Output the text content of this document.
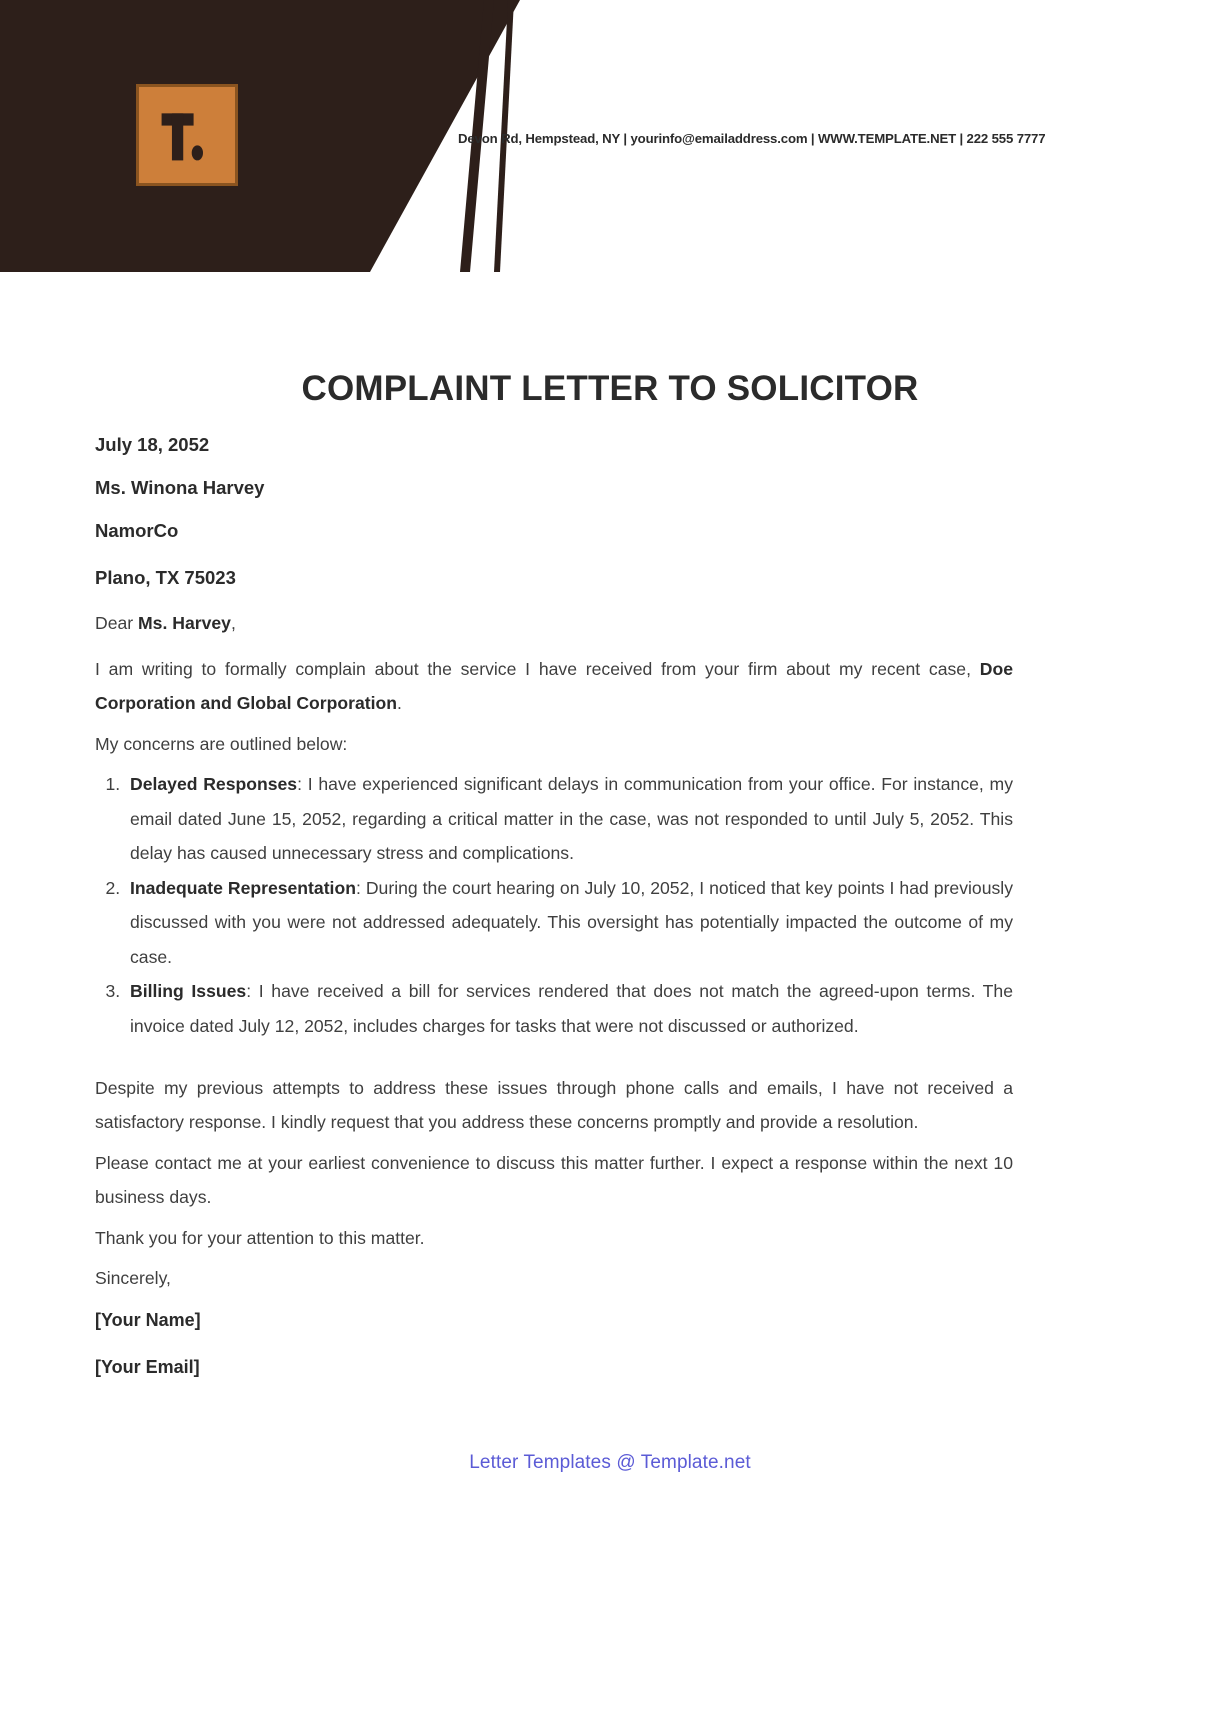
Devon Rd, Hempstead, NY | yourinfo@emailaddress.com | WWW.TEMPLATE.NET | 222 555 7777
COMPLAINT LETTER TO SOLICITOR
July 18, 2052
Ms. Winona Harvey
NamorCo
Plano, TX 75023
Dear Ms. Harvey,

I am writing to formally complain about the service I have received from your firm about my recent case, Doe Corporation and Global Corporation.

My concerns are outlined below:

1. Delayed Responses: I have experienced significant delays in communication from your office. For instance, my email dated June 15, 2052, regarding a critical matter in the case, was not responded to until July 5, 2052. This delay has caused unnecessary stress and complications.
2. Inadequate Representation: During the court hearing on July 10, 2052, I noticed that key points I had previously discussed with you were not addressed adequately. This oversight has potentially impacted the outcome of my case.
3. Billing Issues: I have received a bill for services rendered that does not match the agreed-upon terms. The invoice dated July 12, 2052, includes charges for tasks that were not discussed or authorized.

Despite my previous attempts to address these issues through phone calls and emails, I have not received a satisfactory response. I kindly request that you address these concerns promptly and provide a resolution.

Please contact me at your earliest convenience to discuss this matter further. I expect a response within the next 10 business days.

Thank you for your attention to this matter.

Sincerely,

[Your Name]
[Your Email]
Letter Templates @ Template.net
